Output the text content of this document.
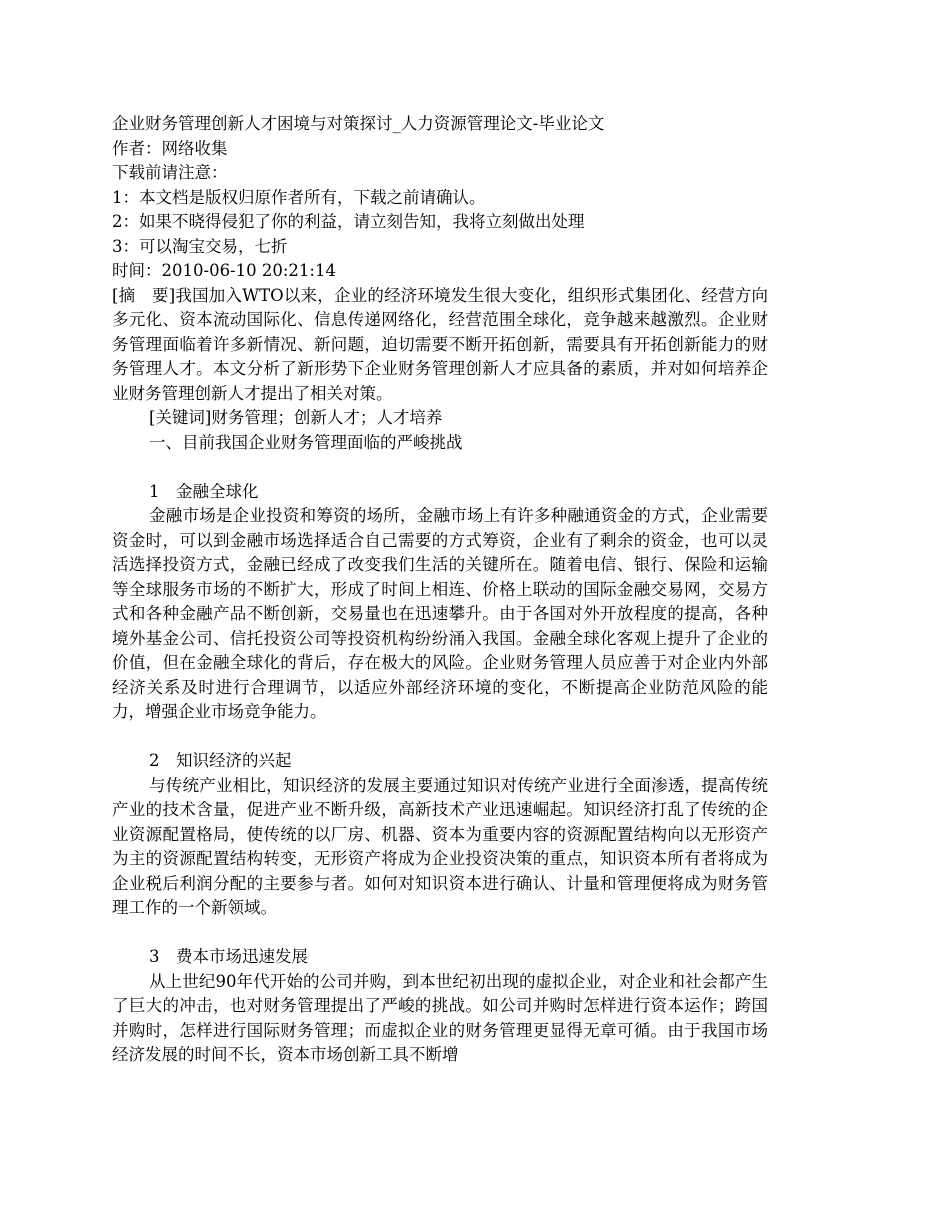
企业财务管理创新人才困境与对策探讨_人力资源管理论文-毕业论文

作者：网络收集

下载前请注意：

1：本文档是版权归原作者所有，下载之前请确认。

2：如果不晓得侵犯了你的利益，请立刻告知，我将立刻做出处理

3：可以淘宝交易，七折

时间：2010-06-10 20:21:14

[摘　要]我国加入WTO以来，企业的经济环境发生很大变化，组织形式集团化、经营方向多元化、资本流动国际化、信息传递网络化，经营范围全球化，竞争越来越激烈。企业财务管理面临着许多新情况、新问题，迫切需要不断开拓创新，需要具有开拓创新能力的财务管理人才。本文分析了新形势下企业财务管理创新人才应具备的素质，并对如何培养企业财务管理创新人才提出了相关对策。

[关键词]财务管理；创新人才；人才培养

一、目前我国企业财务管理面临的严峻挑战

1　金融全球化

金融市场是企业投资和筹资的场所，金融市场上有许多种融通资金的方式，企业需要资金时，可以到金融市场选择适合自己需要的方式筹资，企业有了剩余的资金，也可以灵活选择投资方式，金融已经成了改变我们生活的关键所在。随着电信、银行、保险和运输等全球服务市场的不断扩大，形成了时间上相连、价格上联动的国际金融交易网，交易方式和各种金融产品不断创新，交易量也在迅速攀升。由于各国对外开放程度的提高，各种境外基金公司、信托投资公司等投资机构纷纷涌入我国。金融全球化客观上提升了企业的价值，但在金融全球化的背后，存在极大的风险。企业财务管理人员应善于对企业内外部经济关系及时进行合理调节，以适应外部经济环境的变化，不断提高企业防范风险的能力，增强企业市场竞争能力。

2　知识经济的兴起

与传统产业相比，知识经济的发展主要通过知识对传统产业进行全面渗透，提高传统产业的技术含量，促进产业不断升级，高新技术产业迅速崛起。知识经济打乱了传统的企业资源配置格局，使传统的以厂房、机器、资本为重要内容的资源配置结构向以无形资产为主的资源配置结构转变，无形资产将成为企业投资决策的重点，知识资本所有者将成为企业税后利润分配的主要参与者。如何对知识资本进行确认、计量和管理便将成为财务管理工作的一个新领域。

3　费本市场迅速发展

从上世纪90年代开始的公司并购，到本世纪初出现的虚拟企业，对企业和社会都产生了巨大的冲击，也对财务管理提出了严峻的挑战。如公司并购时怎样进行资本运作；跨国并购时，怎样进行国际财务管理；而虚拟企业的财务管理更显得无章可循。由于我国市场经济发展的时间不长，资本市场创新工具不断增
